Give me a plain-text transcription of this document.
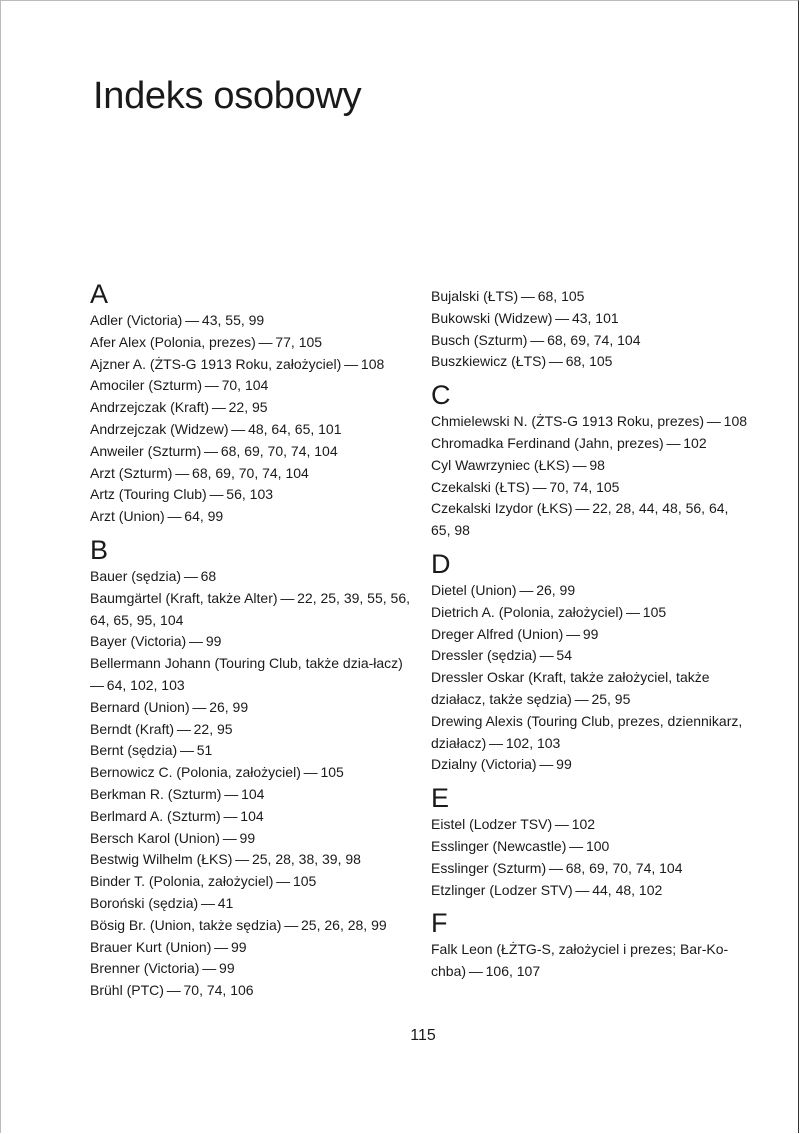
Indeks osobowy
A

Adler (Victoria) — 43, 55, 99

Afer Alex (Polonia, prezes) — 77, 105

Ajzner A. (ŻTS-G 1913 Roku, założyciel) — 108

Amociler (Szturm) — 70, 104

Andrzejczak (Kraft) — 22, 95

Andrzejczak (Widzew) — 48, 64, 65, 101

Anweiler (Szturm) — 68, 69, 70, 74, 104

Arzt (Szturm) — 68, 69, 70, 74, 104

Artz (Touring Club) — 56, 103

Arzt (Union) — 64, 99

B

Bauer (sędzia) — 68

Baumgärtel (Kraft, także Alter) — 22, 25, 39, 55, 56, 64, 65, 95, 104

Bayer (Victoria) — 99

Bellermann Johann (Touring Club, także dzia-łacz) — 64, 102, 103

Bernard (Union) — 26, 99

Berndt (Kraft) — 22, 95

Bernt (sędzia) — 51

Bernowicz C. (Polonia, założyciel) — 105

Berkman R. (Szturm) — 104

Berlmard A. (Szturm) — 104

Bersch Karol (Union) — 99

Bestwig Wilhelm (ŁKS) — 25, 28, 38, 39, 98

Binder T. (Polonia, założyciel) — 105

Boroński (sędzia) — 41

Bösig Br. (Union, także sędzia) — 25, 26, 28, 99

Brauer Kurt (Union) — 99

Brenner (Victoria) — 99

Brühl (PTC) — 70, 74, 106

Bujalski (ŁTS) — 68, 105

Bukowski (Widzew) — 43, 101

Busch (Szturm) — 68, 69, 74, 104

Buszkiewicz (ŁTS) — 68, 105

C

Chmielewski N. (ŻTS-G 1913 Roku, prezes) — 108

Chromadka Ferdinand (Jahn, prezes) — 102

Cyl Wawrzyniec (ŁKS) — 98

Czekalski (ŁTS) — 70, 74, 105

Czekalski Izydor (ŁKS) — 22, 28, 44, 48, 56, 64, 65, 98

D

Dietel (Union) — 26, 99

Dietrich A. (Polonia, założyciel) — 105

Dreger Alfred (Union) — 99

Dressler (sędzia) — 54

Dressler Oskar (Kraft, także założyciel, także działacz, także sędzia) — 25, 95

Drewing Alexis (Touring Club, prezes, dziennikarz, działacz) — 102, 103

Dzialny (Victoria) — 99

E

Eistel (Lodzer TSV) — 102

Esslinger (Newcastle) — 100

Esslinger (Szturm) — 68, 69, 70, 74, 104

Etzlinger (Lodzer STV) — 44, 48, 102

F

Falk Leon (ŁŻTG-S, założyciel i prezes; Bar-Ko-chba) — 106, 107

115
